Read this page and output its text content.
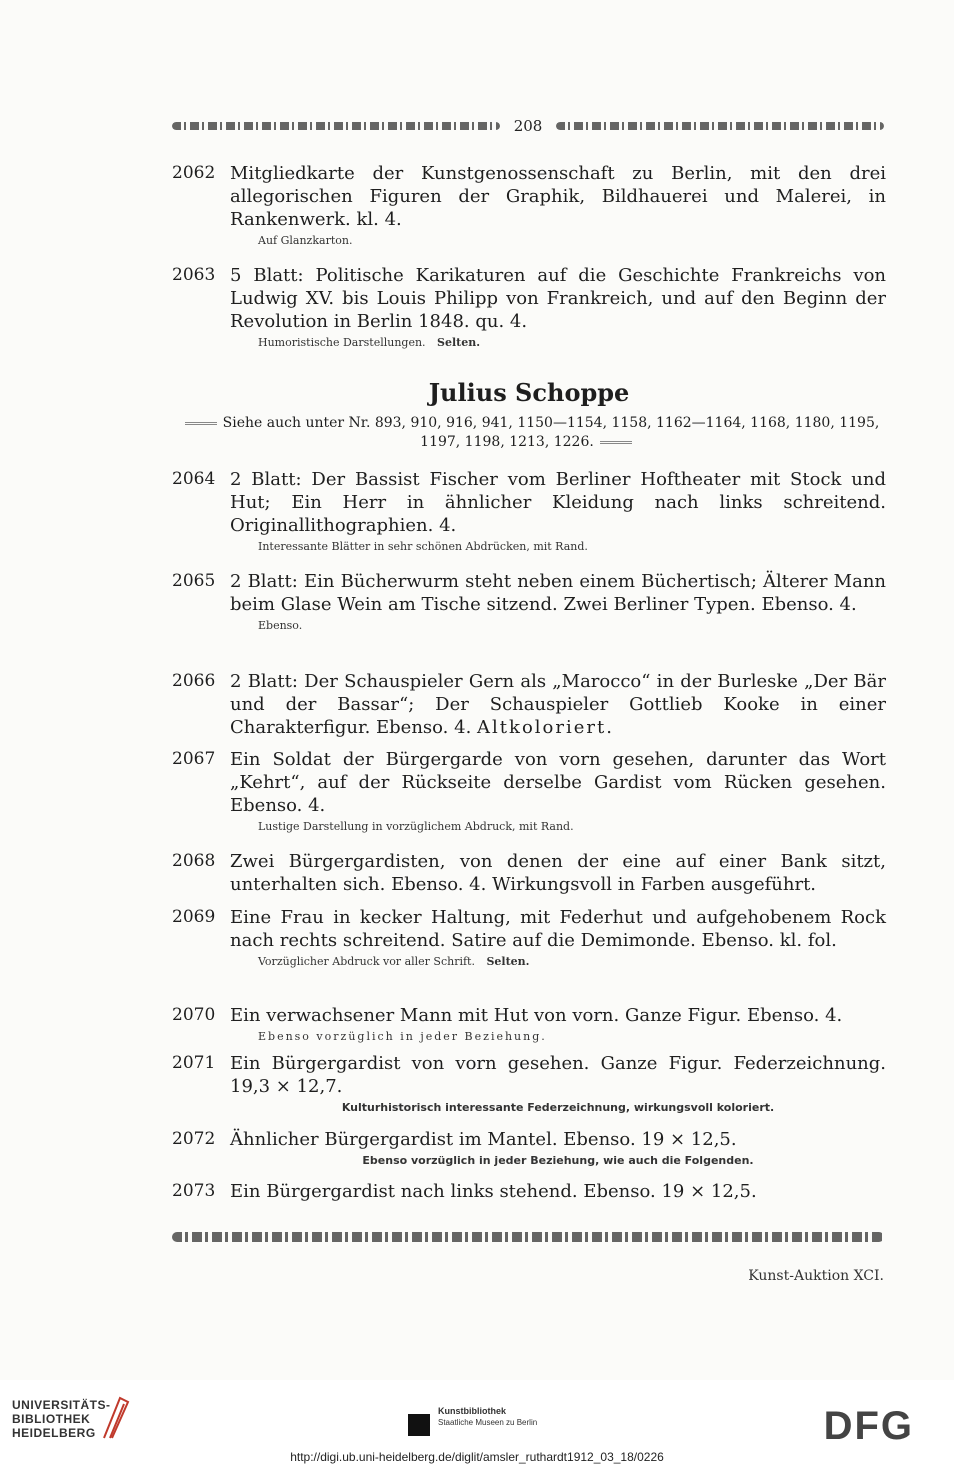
208
2062 Mitgliedkarte der Kunstgenossenschaft zu Berlin, mit den drei allegorischen Figuren der Graphik, Bildhauerei und Malerei, in Rankenwerk. kl. 4.
Auf Glanzkarton.
2063 5 Blatt: Politische Karikaturen auf die Geschichte Frankreichs von Ludwig XV. bis Louis Philipp von Frankreich, und auf den Beginn der Revolution in Berlin 1848. qu. 4.
Humoristische Darstellungen. Selten.
Julius Schoppe
Siehe auch unter Nr. 893, 910, 916, 941, 1150—1154, 1158, 1162—1164, 1168, 1180, 1195, 1197, 1198, 1213, 1226.
2064 2 Blatt: Der Bassist Fischer vom Berliner Hoftheater mit Stock und Hut; Ein Herr in ähnlicher Kleidung nach links schreitend. Originallithographien. 4.
Interessante Blätter in sehr schönen Abdrücken, mit Rand.
2065 2 Blatt: Ein Bücherwurm steht neben einem Büchertisch; Älterer Mann beim Glase Wein am Tische sitzend. Zwei Berliner Typen. Ebenso. 4.
Ebenso.
2066 2 Blatt: Der Schauspieler Gern als „Marocco“ in der Burleske „Der Bär und der Bassar“; Der Schauspieler Gottlieb Kooke in einer Charakterfigur. Ebenso. 4. Altkoloriert.
2067 Ein Soldat der Bürgergarde von vorn gesehen, darunter das Wort „Kehrt“, auf der Rückseite derselbe Gardist vom Rücken gesehen. Ebenso. 4.
Lustige Darstellung in vorzüglichem Abdruck, mit Rand.
2068 Zwei Bürgergardisten, von denen der eine auf einer Bank sitzt, unterhalten sich. Ebenso. 4. Wirkungsvoll in Farben ausgeführt.
2069 Eine Frau in kecker Haltung, mit Federhut und aufgehobenem Rock nach rechts schreitend. Satire auf die Demimonde. Ebenso. kl. fol.
Vorzüglicher Abdruck vor aller Schrift. Selten.
2070 Ein verwachsener Mann mit Hut von vorn. Ganze Figur. Ebenso. 4.
Ebenso vorzüglich in jeder Beziehung.
2071 Ein Bürgergardist von vorn gesehen. Ganze Figur. Federzeichnung. 19,3 × 12,7.
Kulturhistorisch interessante Federzeichnung, wirkungsvoll koloriert.
2072 Ähnlicher Bürgergardist im Mantel. Ebenso. 19 × 12,5.
Ebenso vorzüglich in jeder Beziehung, wie auch die Folgenden.
2073 Ein Bürgergardist nach links stehend. Ebenso. 19 × 12,5.
Kunst-Auktion XCI.
UNIVERSITÄTS-
BIBLIOTHEK
HEIDELBERG
Kunstbibliothek
Staatliche Museen zu Berlin	DFG
http://digi.ub.uni-heidelberg.de/diglit/amsler_ruthardt1912_03_18/0226
